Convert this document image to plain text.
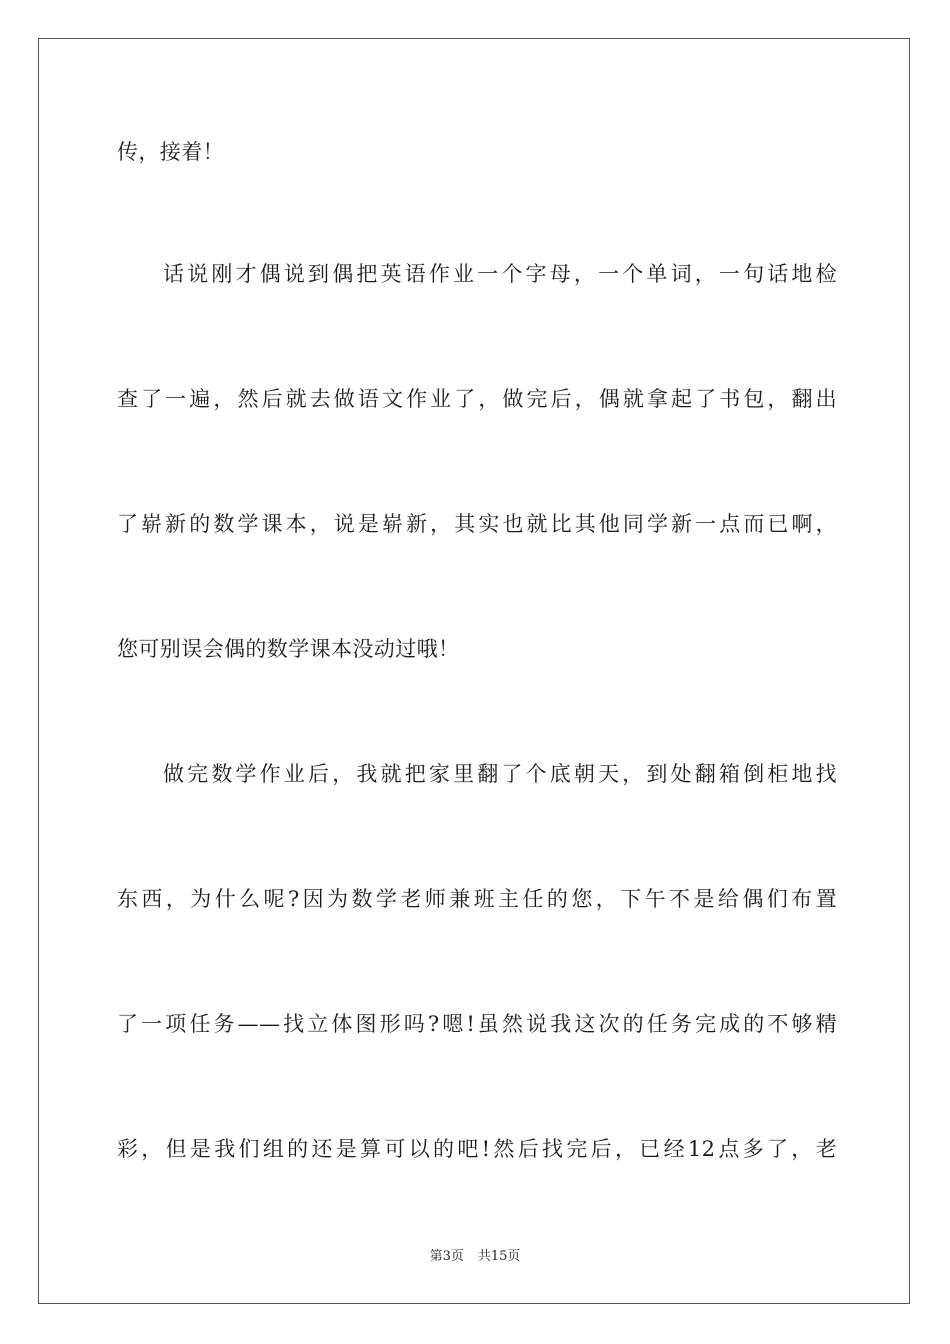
传，接着！
话说刚才偶说到偶把英语作业一个字母，一个单词，一句话地检
查了一遍，然后就去做语文作业了，做完后，偶就拿起了书包，翻出
了崭新的数学课本，说是崭新，其实也就比其他同学新一点而已啊，
您可别误会偶的数学课本没动过哦！
做完数学作业后，我就把家里翻了个底朝天，到处翻箱倒柜地找
东西，为什么呢?因为数学老师兼班主任的您，下午不是给偶们布置
了一项任务——找立体图形吗?嗯!虽然说我这次的任务完成的不够精
彩，但是我们组的还是算可以的吧!然后找完后，已经12点多了，老
第3页 共15页
